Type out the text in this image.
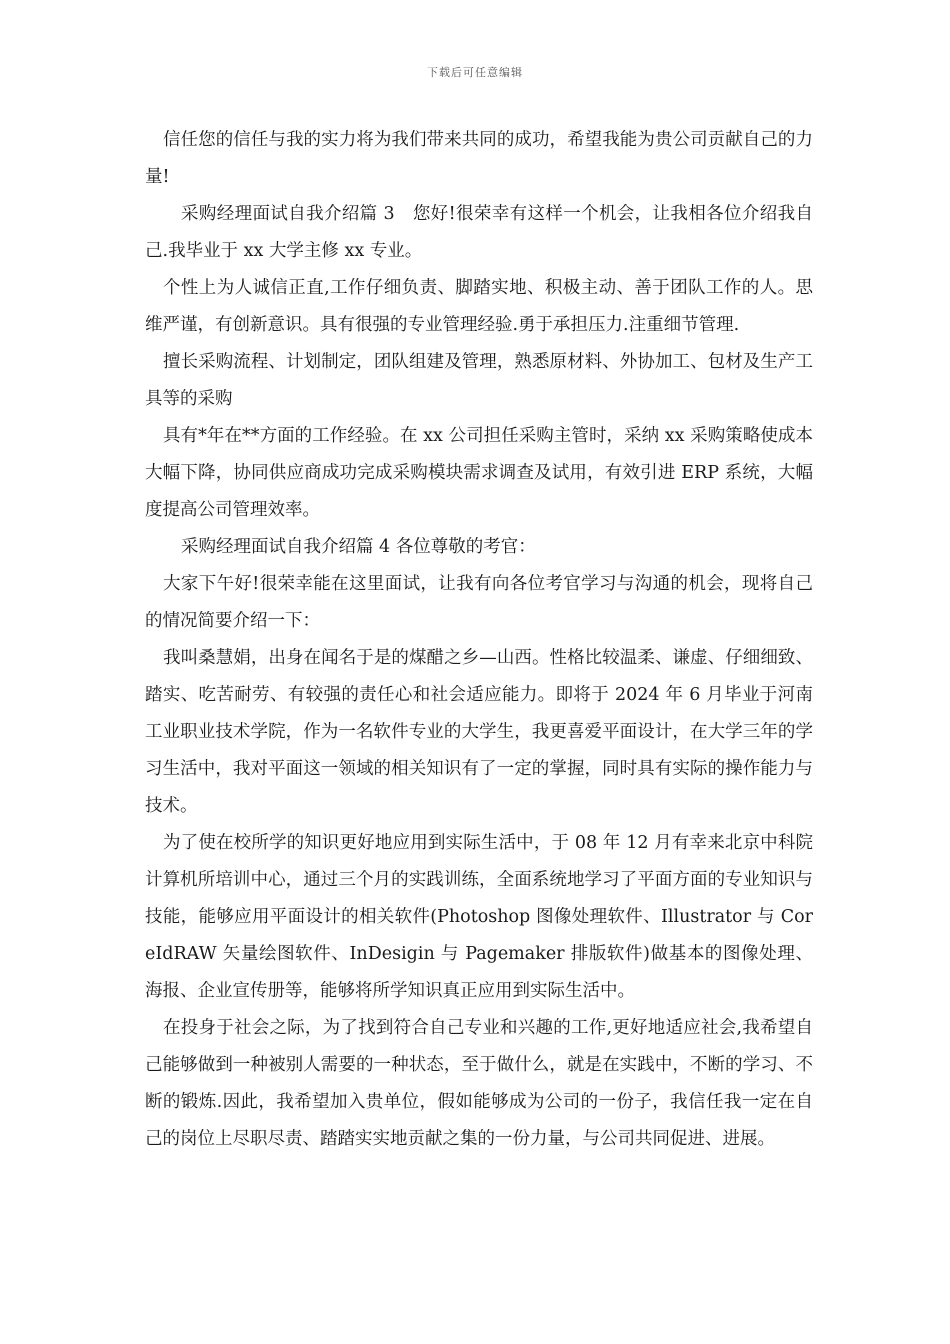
下载后可任意编辑

信任您的信任与我的实力将为我们带来共同的成功，希望我能为贵公司贡献自己的力量!

采购经理面试自我介绍篇 3　您好!很荣幸有这样一个机会，让我相各位介绍我自己.我毕业于 xx 大学主修 xx 专业。

个性上为人诚信正直,工作仔细负责、脚踏实地、积极主动、善于团队工作的人。思维严谨，有创新意识。具有很强的专业管理经验.勇于承担压力.注重细节管理.

擅长采购流程、计划制定，团队组建及管理，熟悉原材料、外协加工、包材及生产工具等的采购

具有*年在**方面的工作经验。在 xx 公司担任采购主管时，采纳 xx 采购策略使成本大幅下降，协同供应商成功完成采购模块需求调查及试用，有效引进 ERP 系统，大幅度提高公司管理效率。

采购经理面试自我介绍篇 4 各位尊敬的考官：

大家下午好!很荣幸能在这里面试，让我有向各位考官学习与沟通的机会，现将自己的情况简要介绍一下：

我叫桑慧娟，出身在闻名于是的煤醋之乡—山西。性格比较温柔、谦虚、仔细细致、踏实、吃苦耐劳、有较强的责任心和社会适应能力。即将于 2024 年 6 月毕业于河南工业职业技术学院，作为一名软件专业的大学生，我更喜爱平面设计，在大学三年的学习生活中，我对平面这一领域的相关知识有了一定的掌握，同时具有实际的操作能力与技术。

为了使在校所学的知识更好地应用到实际生活中，于 08 年 12 月有幸来北京中科院计算机所培训中心，通过三个月的实践训练，全面系统地学习了平面方面的专业知识与技能，能够应用平面设计的相关软件(Photoshop 图像处理软件、Illustrator 与 CoreIdRAW 矢量绘图软件、InDesigin 与 Pagemaker 排版软件)做基本的图像处理、海报、企业宣传册等，能够将所学知识真正应用到实际生活中。

在投身于社会之际，为了找到符合自己专业和兴趣的工作,更好地适应社会,我希望自己能够做到一种被别人需要的一种状态，至于做什么，就是在实践中，不断的学习、不断的锻炼.因此，我希望加入贵单位，假如能够成为公司的一份子，我信任我一定在自己的岗位上尽职尽责、踏踏实实地贡献之集的一份力量，与公司共同促进、进展。
